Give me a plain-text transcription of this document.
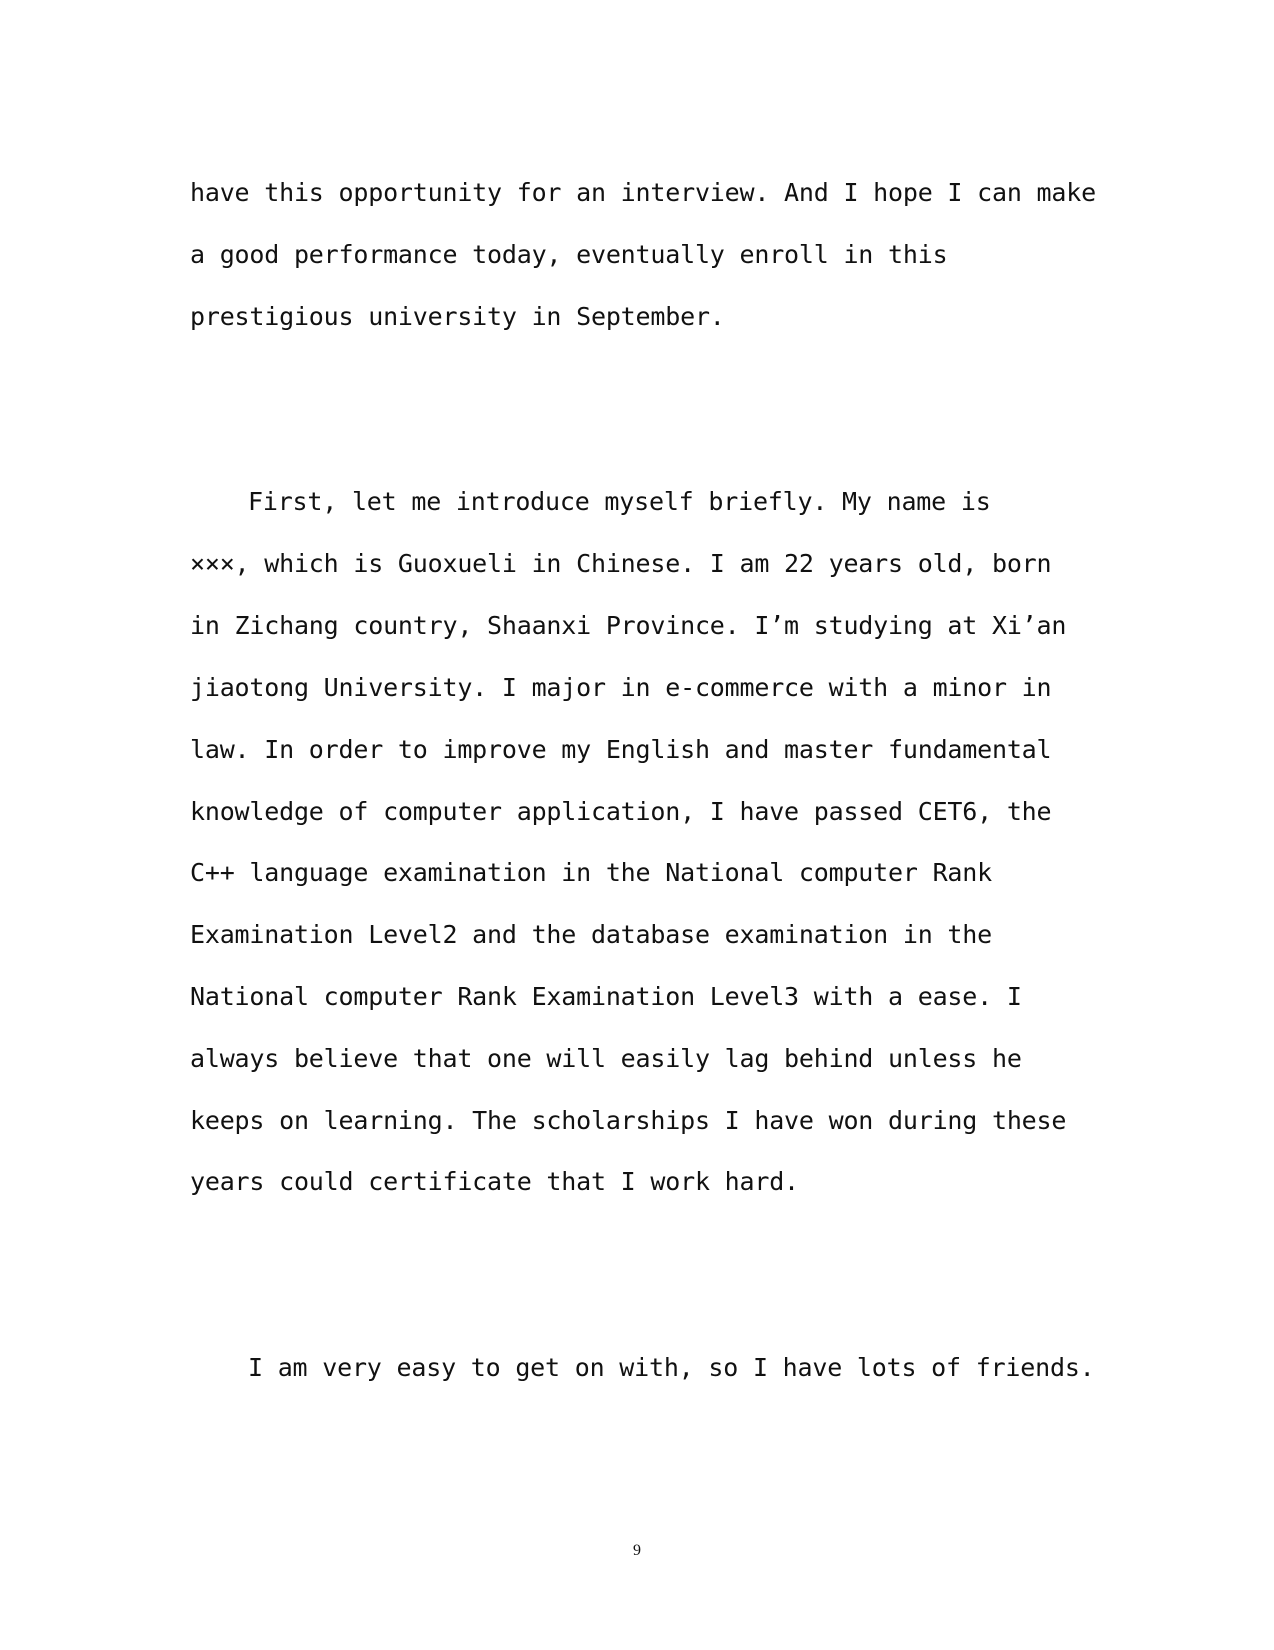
have this opportunity for an interview. And I hope I can make

a good performance today, eventually enroll in this

prestigious university in September.

First, let me introduce myself briefly. My name is

×××, which is Guoxueli in Chinese. I am 22 years old, born

in Zichang country, Shaanxi Province. I’m studying at Xi’an

jiaotong University. I major in e-commerce with a minor in

law. In order to improve my English and master fundamental

knowledge of computer application, I have passed CET6, the

C++ language examination in the National computer Rank

Examination Level2 and the database examination in the

National computer Rank Examination Level3 with a ease. I

always believe that one will easily lag behind unless he

keeps on learning. The scholarships I have won during these

years could certificate that I work hard.

I am very easy to get on with, so I have lots of friends.

9
